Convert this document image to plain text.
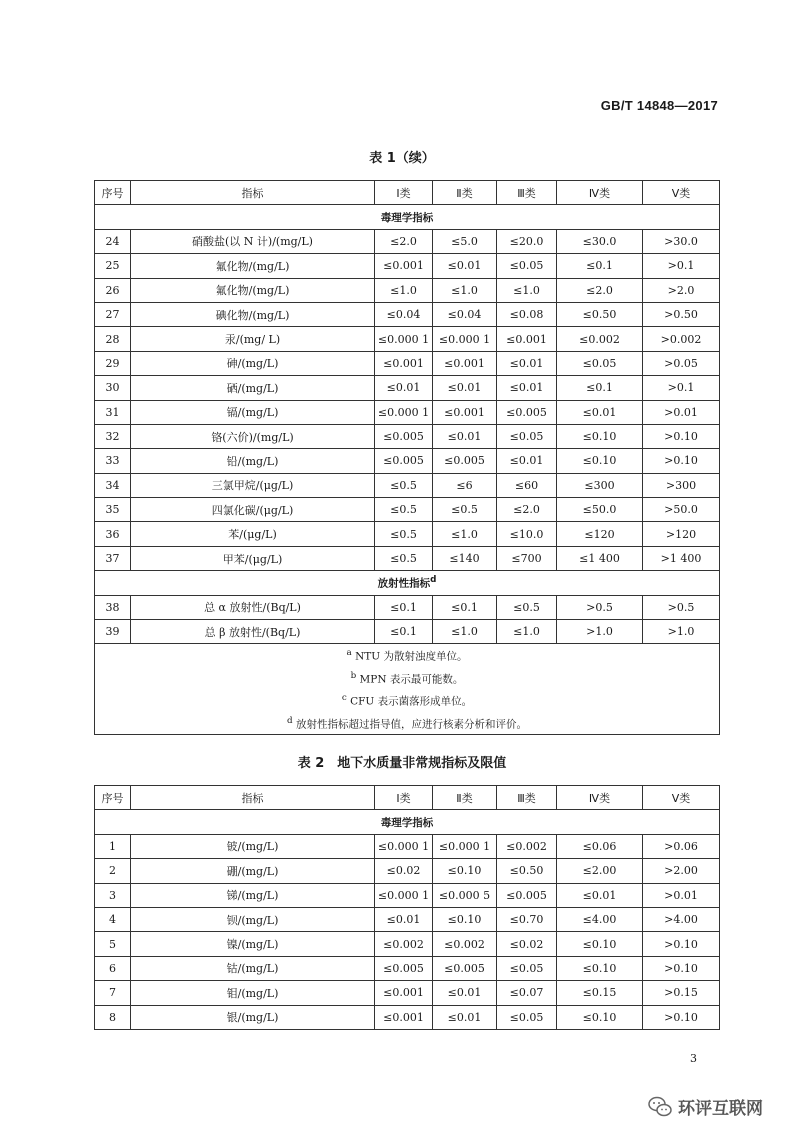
GB/T 14848—2017
表 1（续）
序号	指标	Ⅰ类	Ⅱ类	Ⅲ类	Ⅳ类	Ⅴ类
毒理学指标						
24	硝酸盐(以 N 计)/(mg/L)	≤2.0	≤5.0	≤20.0	≤30.0	>30.0
25	氟化物/(mg/L)	≤0.001	≤0.01	≤0.05	≤0.1	>0.1
26	氟化物/(mg/L)	≤1.0	≤1.0	≤1.0	≤2.0	>2.0
27	碘化物/(mg/L)	≤0.04	≤0.04	≤0.08	≤0.50	>0.50
28	汞/(mg/ L)	≤0.000 1	≤0.000 1	≤0.001	≤0.002	>0.002
29	砷/(mg/L)	≤0.001	≤0.001	≤0.01	≤0.05	>0.05
30	硒/(mg/L)	≤0.01	≤0.01	≤0.01	≤0.1	>0.1
31	镉/(mg/L)	≤0.000 1	≤0.001	≤0.005	≤0.01	>0.01
32	铬(六价)/(mg/L)	≤0.005	≤0.01	≤0.05	≤0.10	>0.10
33	铅/(mg/L)	≤0.005	≤0.005	≤0.01	≤0.10	>0.10
34	三氯甲烷/(μg/L)	≤0.5	≤6	≤60	≤300	>300
35	四氯化碳/(μg/L)	≤0.5	≤0.5	≤2.0	≤50.0	>50.0
36	苯/(μg/L)	≤0.5	≤1.0	≤10.0	≤120	>120
37	甲苯/(μg/L)	≤0.5	≤140	≤700	≤1 400	>1 400
放射性指标$^d$
38	总 α 放射性/(Bq/L)	≤0.1	≤0.1	≤0.5	>0.5	>0.5
39	总 β 放射性/(Bq/L)	≤0.1	≤1.0	≤1.0	>1.0	>1.0

$^a$ NTU 为散射浊度单位。
$^b$ MPN 表示最可能数。
$^c$ CFU 表示菌落形成单位。
$^d$ 放射性指标超过指导值，应进行核素分析和评价。						
表 2　地下水质量非常规指标及限值
序号	指标	Ⅰ类	Ⅱ类	Ⅲ类	Ⅳ类	Ⅴ类
毒理学指标						
1	铍/(mg/L)	≤0.000 1	≤0.000 1	≤0.002	≤0.06	>0.06
2	硼/(mg/L)	≤0.02	≤0.10	≤0.50	≤2.00	>2.00
3	锑/(mg/L)	≤0.000 1	≤0.000 5	≤0.005	≤0.01	>0.01
4	钡/(mg/L)	≤0.01	≤0.10	≤0.70	≤4.00	>4.00
5	镍/(mg/L)	≤0.002	≤0.002	≤0.02	≤0.10	>0.10
6	钴/(mg/L)	≤0.005	≤0.005	≤0.05	≤0.10	>0.10
7	钼/(mg/L)	≤0.001	≤0.01	≤0.07	≤0.15	>0.15
8	银/(mg/L)	≤0.001	≤0.01	≤0.05	≤0.10	>0.10
3
环评互联网
